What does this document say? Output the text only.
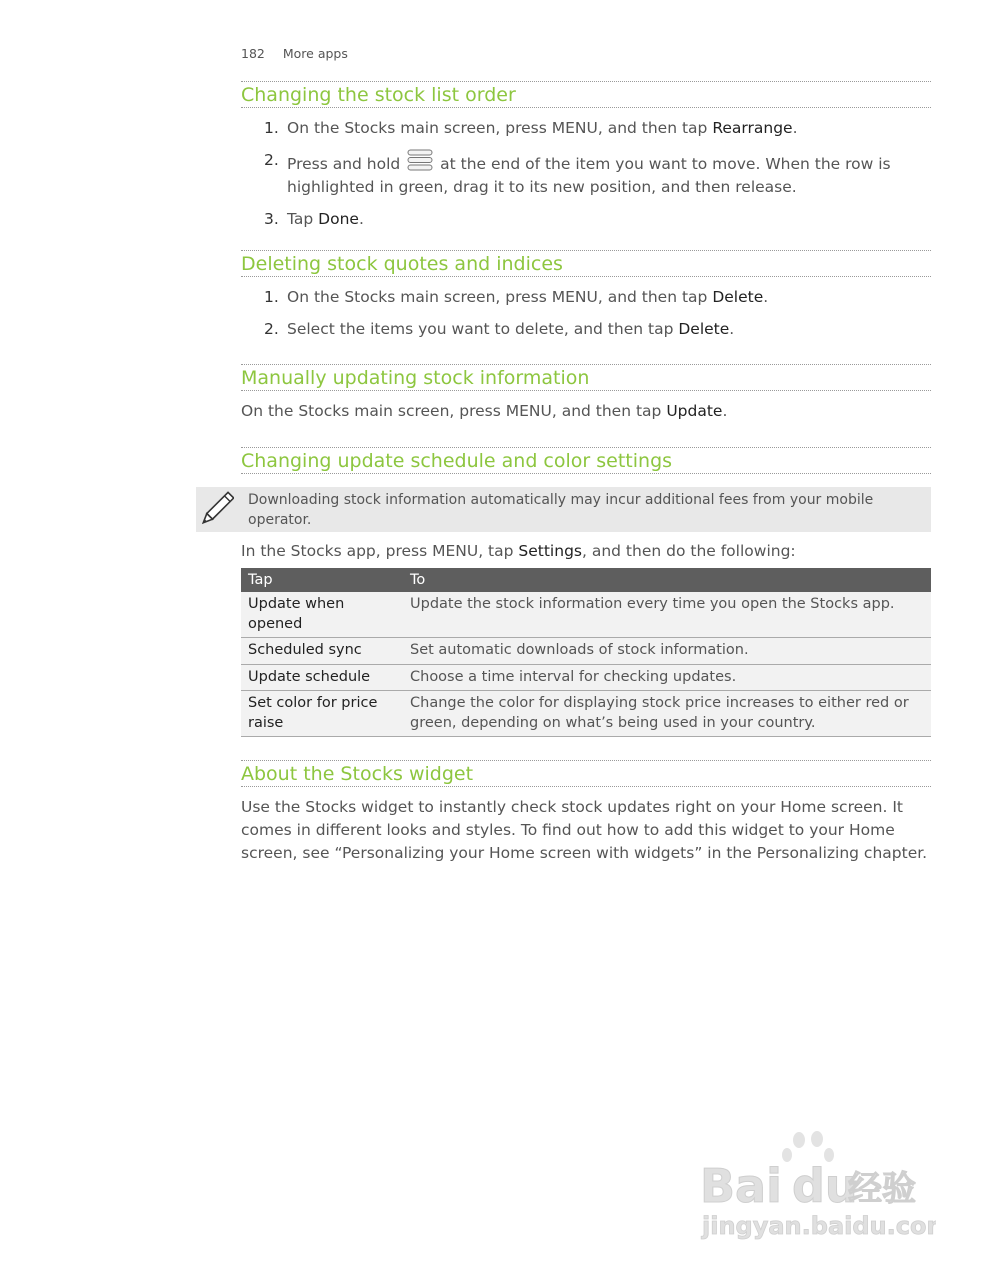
182 More apps
Changing the stock list order
1. On the Stocks main screen, press MENU, and then tap Rearrange.
2. Press and hold  at the end of the item you want to move. When the row is highlighted in green, drag it to its new position, and then release.
3. Tap Done.
Deleting stock quotes and indices
1. On the Stocks main screen, press MENU, and then tap Delete.
2. Select the items you want to delete, and then tap Delete.
Manually updating stock information
On the Stocks main screen, press MENU, and then tap Update.
Changing update schedule and color settings
Downloading stock information automatically may incur additional fees from your mobile operator.
In the Stocks app, press MENU, tap Settings, and then do the following:
Tap	To
Update when opened	Update the stock information every time you open the Stocks app.
Scheduled sync	Set automatic downloads of stock information.
Update schedule	Choose a time interval for checking updates.
Set color for price raise	Change the color for displaying stock price increases to either red or green, depending on what’s being used in your country.
About the Stocks widget
Use the Stocks widget to instantly check stock updates right on your Home screen. It comes in different looks and styles. To find out how to add this widget to your Home screen, see “Personalizing your Home screen with widgets” in the Personalizing chapter.
Bai du
经验
jingyan.baidu.com
